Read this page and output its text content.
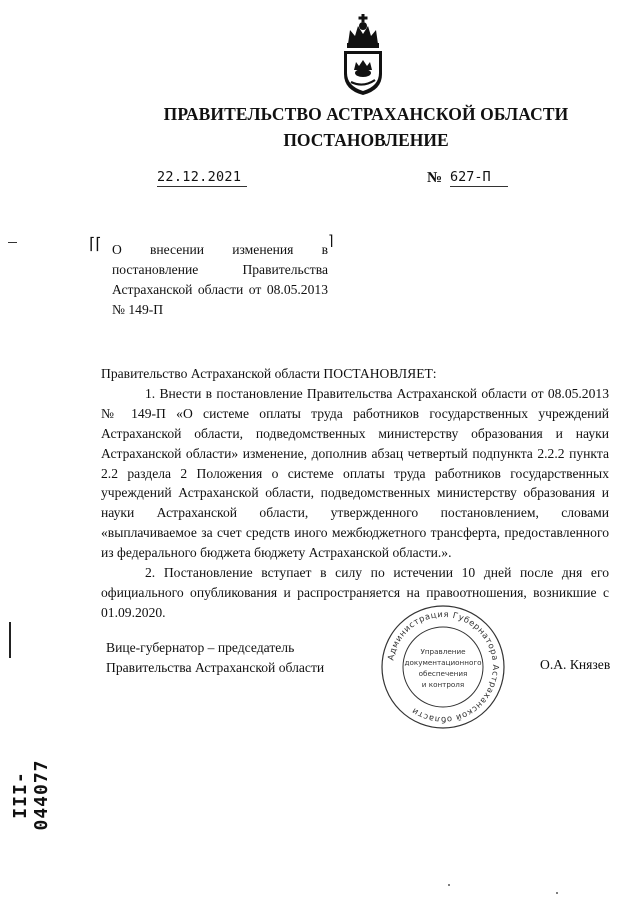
ПРАВИТЕЛЬСТВО АСТРАХАНСКОЙ ОБЛАСТИ
ПОСТАНОВЛЕНИЕ
22.12.2021	№ 627-П
⌈⌈	⌉
О внесении изменения в постановление Правительства Астраханской области от 08.05.2013 № 149-П

Правительство Астраханской области ПОСТАНОВЛЯЕТ:

1. Внести в постановление Правительства Астраханской области от 08.05.2013 № 149-П «О системе оплаты труда работников государственных учреждений Астраханской области, подведомственных министерству образования и науки Астраханской области» изменение, дополнив абзац четвертый подпункта 2.2.2 пункта 2.2 раздела 2 Положения о системе оплаты труда работников государственных учреждений Астраханской области, подведомственных министерству образования и науки Астраханской области, утвержденного постановлением, словами «выплачиваемое за счет средств иного межбюджетного трансферта, предоставленного из федерального бюджета бюджету Астраханской области.».

2. Постановление вступает в силу по истечении 10 дней после дня его официального опубликования и распространяется на правоотношения, возникшие с 01.09.2020.

Вице-губернатор – председатель
Правительства Астраханской области	О.А. Князев
Администрация Губернатора Астраханской области
Управление
документационного
обеспечения
и контроля
III-044077
